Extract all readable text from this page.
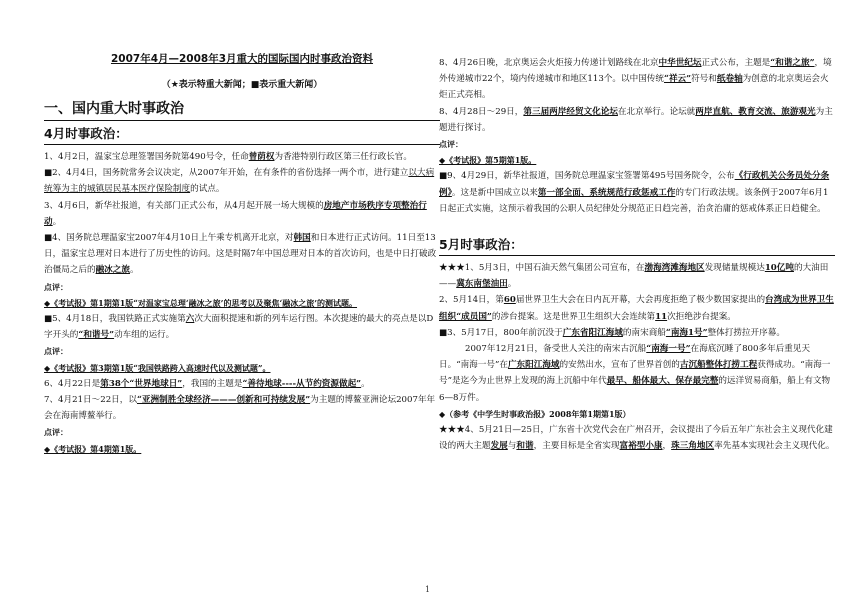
2007年4月—2008年3月重大的国际国内时事政治资料
（★表示特重大新闻；■表示重大新闻）
一、国内重大时事政治
4月时事政治：

1、4月2日，温家宝总理签署国务院第490号令，任命曾荫权为香港特别行政区第三任行政长官。

■2、4月4日，国务院常务会议决定，从2007年开始，在有条件的省份选择一两个市，进行建立以大病统筹为主的城镇居民基本医疗保险制度的试点。

3、4月6日，新华社报道，有关部门正式公布，从4月起开展一场大规模的房地产市场秩序专项整治行动。

■4、国务院总理温家宝2007年4月10日上午乘专机离开北京，对韩国和日本进行正式访问。11日至13日，温家宝总理对日本进行了历史性的访问。这是时隔7年中国总理对日本的首次访问，也是中日打破政治僵局之后的融冰之旅。

点评：

◆《考试报》第1期第1版“对温家宝总理‘融冰之旅’的思考以及聚焦‘融冰之旅’的测试题。

■5、4月18日，我国铁路正式实施第六次大面积提速和新的列车运行图。本次提速的最大的亮点是以D字开头的“和谐号”动车组的运行。

点评：

◆《考试报》第3期第1版“我国铁路跨入高速时代以及测试题”。

6、4月22日是第38个“世界地球日”，我国的主题是“善待地球----从节约资源做起”。

7、4月21日～22日，以“亚洲制胜全球经济———创新和可持续发展”为主题的博鳌亚洲论坛2007年年会在海南博鳌举行。

点评：

◆《考试报》第4期第1版。

8、4月26日晚，北京奥运会火炬接力传递计划路线在北京中华世纪坛正式公布，主题是“和谐之旅”，境外传递城市22个，境内传递城市和地区113个。以中国传统“祥云”符号和纸卷轴为创意的北京奥运会火炬正式亮相。

8、4月28日～29日，第三届两岸经贸文化论坛在北京举行。论坛就两岸直航、教育交流、旅游观光为主题进行探讨。

点评：

◆《考试报》第5期第1版。

■9、4月29日，新华社报道，国务院总理温家宝签署第495号国务院令，公布《行政机关公务员处分条例》。这是新中国成立以来第一部全面、系统规范行政惩戒工作的专门行政法规。该条例于2007年6月1日起正式实施，这预示着我国的公职人员纪律处分规范正日趋完善，治贪治庸的惩戒体系正日趋健全。

5月时事政治：

★★★1、5月3日，中国石油天然气集团公司宣布，在渤海湾滩海地区发现储量规模达10亿吨的大油田——冀东南堡油田。

2、5月14日，第60届世界卫生大会在日内瓦开幕，大会再度拒绝了极少数国家提出的台湾成为世界卫生组织“成员国”的涉台提案。这是世界卫生组织大会连续第11次拒绝涉台提案。

■3、5月17日，800年前沉没于广东省阳江海域的南宋商船“南海1号”整体打捞拉开序幕。

2007年12月21日，备受世人关注的南宋古沉船“南海一号”在海底沉睡了800多年后重见天日。“南海一号”在广东阳江海域的安然出水，宣布了世界首创的古沉船整体打捞工程获得成功。“南海一号”是迄今为止世界上发现的海上沉船中年代最早、船体最大、保存最完整的远洋贸易商船，船上有文物6—8万件。

◆（参考《中学生时事政治报》2008年第1期第1版）

★★★4、5月21日—25日，广东省十次党代会在广州召开，会议提出了今后五年广东社会主义现代化建设的两大主题发展与和谐，主要目标是全省实现富裕型小康，珠三角地区率先基本实现社会主义现代化。

1
